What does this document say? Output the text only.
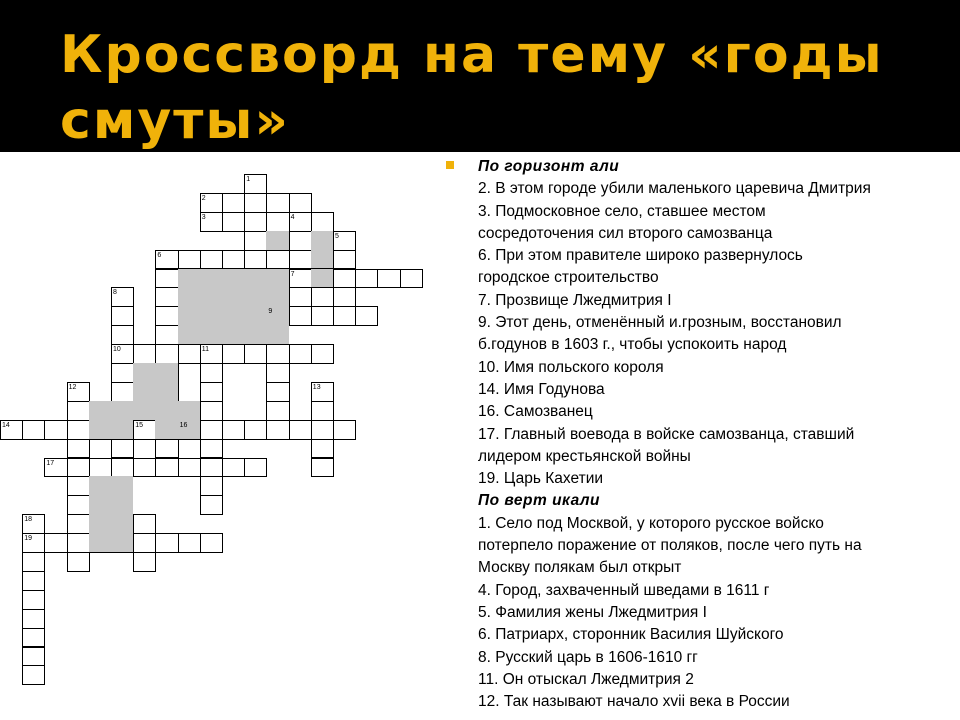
Кроссворд на тему «годы смуты»
1
2
3	4
5
6
7
8
9
10	11
12	13
14	15	16
17
18
19
По горизонт али
2. В этом городе убили маленького царевича Дмитрия
3. Подмосковное село, ставшее местом
сосредоточения сил второго самозванца
6. При этом правителе широко развернулось
городское строительство
7. Прозвище Лжедмитрия I
9. Этот день, отменённый и.грозным, восстановил
б.годунов в 1603 г., чтобы успокоить народ
10. Имя польского короля
14. Имя Годунова
16. Самозванец
17. Главный воевода в войске самозванца, ставший
лидером крестьянской войны
19. Царь Кахетии
По верт икали
1. Село под Москвой, у которого русское войско
потерпело поражение от поляков, после чего путь на
Москву полякам был открыт
4. Город, захваченный шведами в 1611 г
5. Фамилия жены Лжедмитрия I
6. Патриарх, сторонник Василия Шуйского
8. Русский царь в 1606-1610 гг
11. Он отыскал Лжедмитрия 2
12. Так называют начало xvii века в России
